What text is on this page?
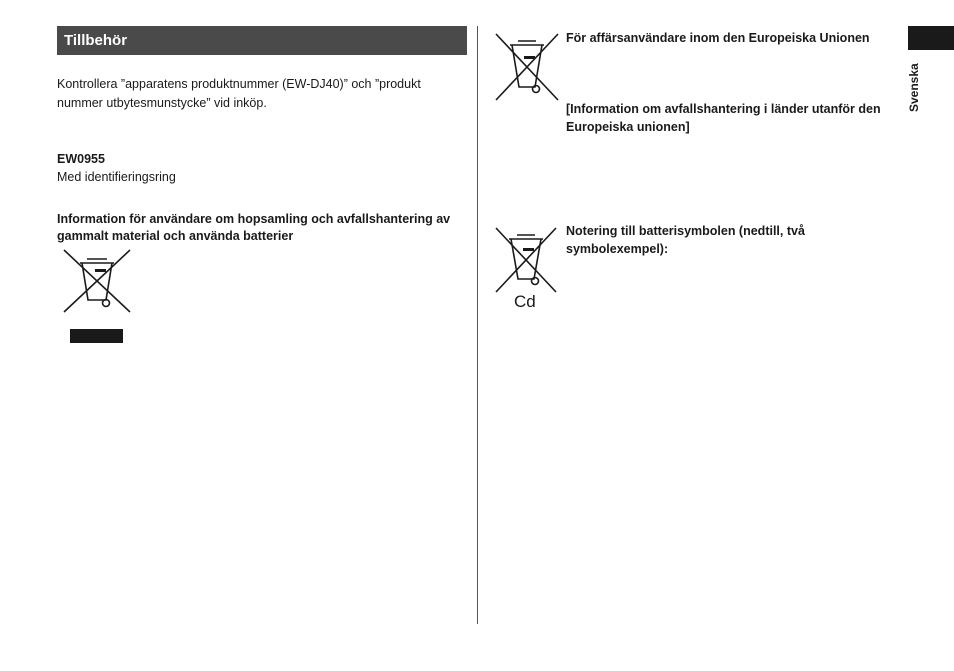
Tillbehör
Kontrollera ”apparatens produktnummer (EW-DJ40)” och ”produkt nummer utbytesmunstycke” vid inköp.
EW0955
Med identifieringsring
Information för användare om hopsamling och avfallshantering av gammalt material och använda batterier
För affärsanvändare inom den Europeiska Unionen
[Information om avfallshantering i länder utanför den Europeiska unionen]
Cd
Notering till batterisymbolen (nedtill, två symbolexempel):
Svenska
